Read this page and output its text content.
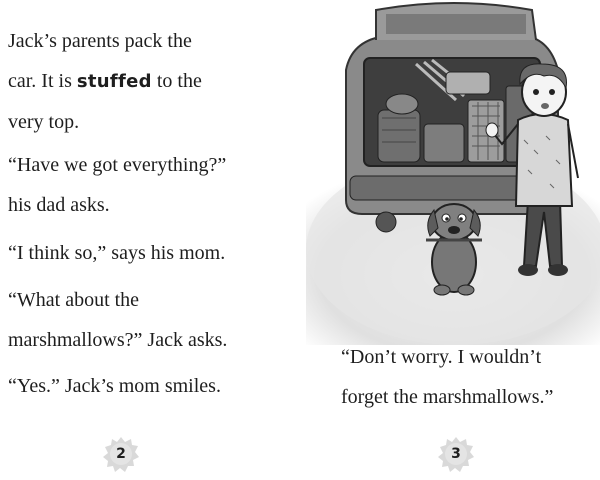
Jack’s parents pack the
car. It is stuffed to the
very top.

“Have we got everything?”
his dad asks.

“I think so,” says his mom.

“What about the
marshmallows?” Jack asks.

“Yes.” Jack’s mom smiles.

2

“Don’t worry. I wouldn’t
forget the marshmallows.”

3
